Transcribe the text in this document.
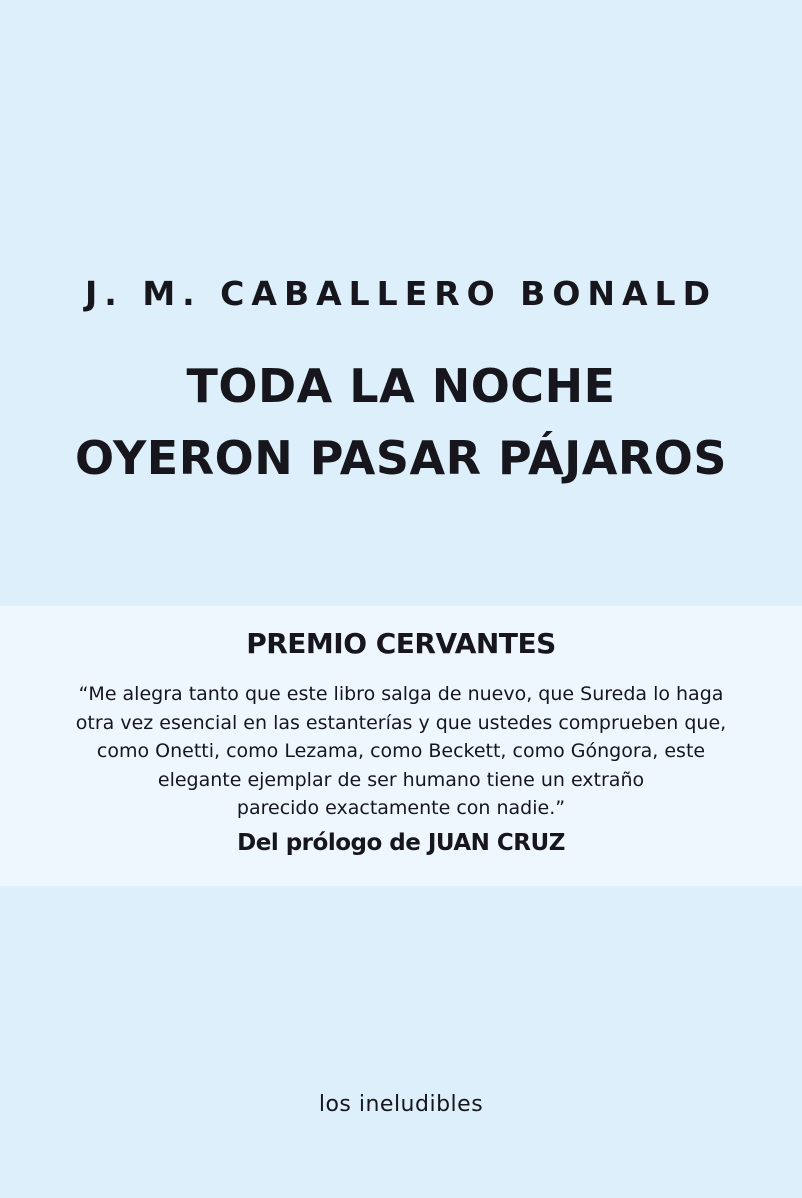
J. M. CABALLERO BONALD
TODA LA NOCHE
OYERON PASAR PÁJAROS
PREMIO CERVANTES
“Me alegra tanto que este libro salga de nuevo, que Sureda lo haga
otra vez esencial en las estanterías y que ustedes comprueben que,
como Onetti, como Lezama, como Beckett, como Góngora, este
elegante ejemplar de ser humano tiene un extraño
parecido exactamente con nadie.”
Del prólogo de JUAN CRUZ
los ineludibles
